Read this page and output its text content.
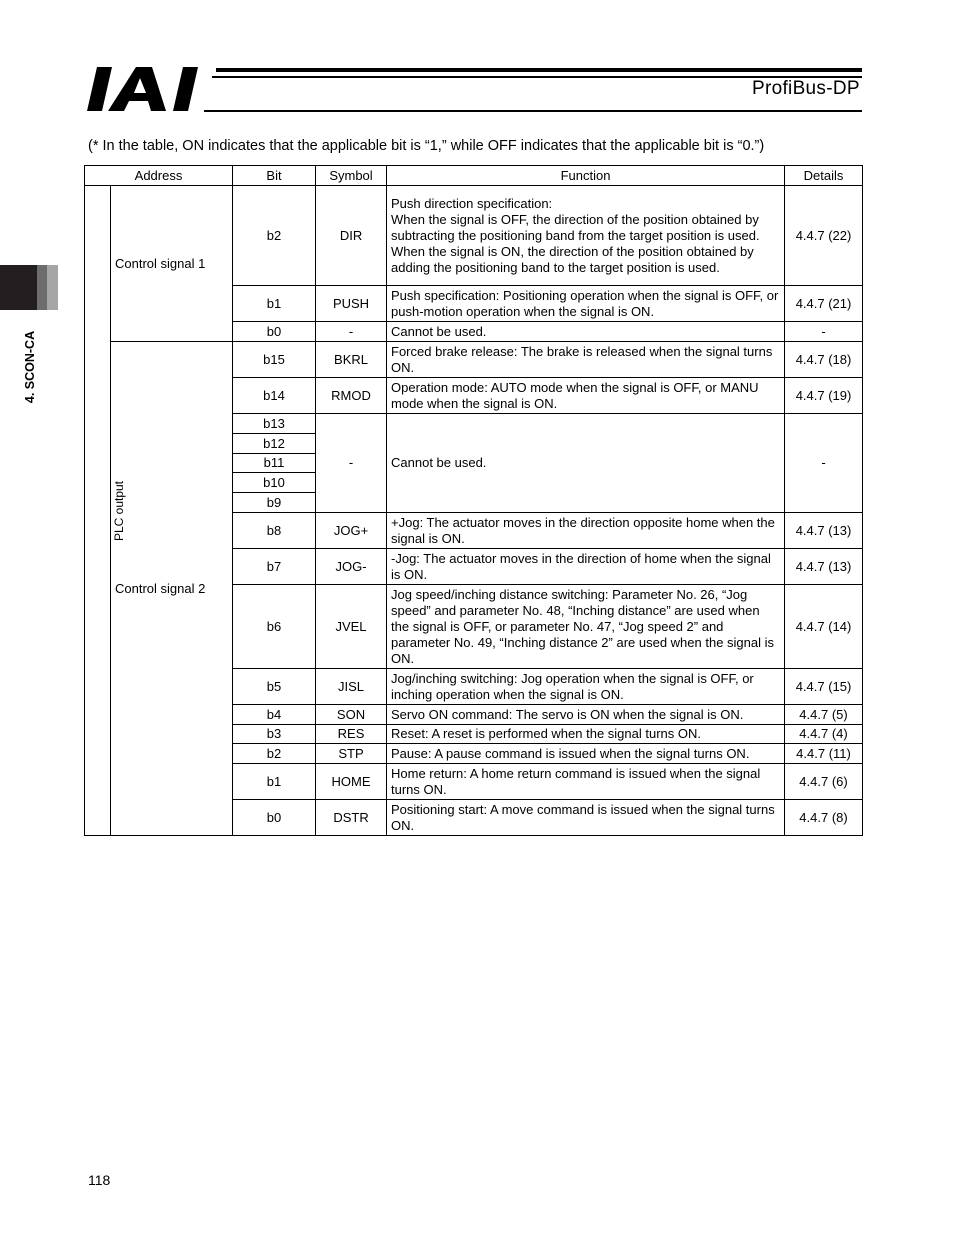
ProfiBus-DP
4. SCON-CA
(* In the table, ON indicates that the applicable bit is “1,” while OFF indicates that the applicable bit is “0.”)
Address		Bit	Symbol	Function	Details
PLC output	Control signal 1	b2	DIR	Push direction specification:
When the signal is OFF, the direction of the position obtained by subtracting the positioning band from the target position is used.
When the signal is ON, the direction of the position obtained by adding the positioning band to the target position is used.	4.4.7 (22)
		b1	PUSH	Push specification: Positioning operation when the signal is OFF, or push-motion operation when the signal is ON.	4.4.7 (21)
		b0	-	Cannot be used.	-
	Control signal 2	b15	BKRL	Forced brake release: The brake is released when the signal turns ON.	4.4.7 (18)
		b14	RMOD	Operation mode: AUTO mode when the signal is OFF, or MANU mode when the signal is ON.	4.4.7 (19)
		b13	-	Cannot be used.	-
		b12			
		b11			
		b10			
		b9			
		b8	JOG+	+Jog: The actuator moves in the direction opposite home when the signal is ON.	4.4.7 (13)
		b7	JOG-	-Jog: The actuator moves in the direction of home when the signal is ON.	4.4.7 (13)
		b6	JVEL	Jog speed/inching distance switching: Parameter No. 26, “Jog speed” and parameter No. 48, “Inching distance” are used when the signal is OFF, or parameter No. 47, “Jog speed 2” and parameter No. 49, “Inching distance 2” are used when the signal is ON.	4.4.7 (14)
		b5	JISL	Jog/inching switching: Jog operation when the signal is OFF, or inching operation when the signal is ON.	4.4.7 (15)
		b4	SON	Servo ON command: The servo is ON when the signal is ON.	4.4.7 (5)
		b3	RES	Reset: A reset is performed when the signal turns ON.	4.4.7 (4)
		b2	STP	Pause: A pause command is issued when the signal turns ON.	4.4.7 (11)
		b1	HOME	Home return: A home return command is issued when the signal turns ON.	4.4.7 (6)
		b0	DSTR	Positioning start: A move command is issued when the signal turns ON.	4.4.7 (8)
118
